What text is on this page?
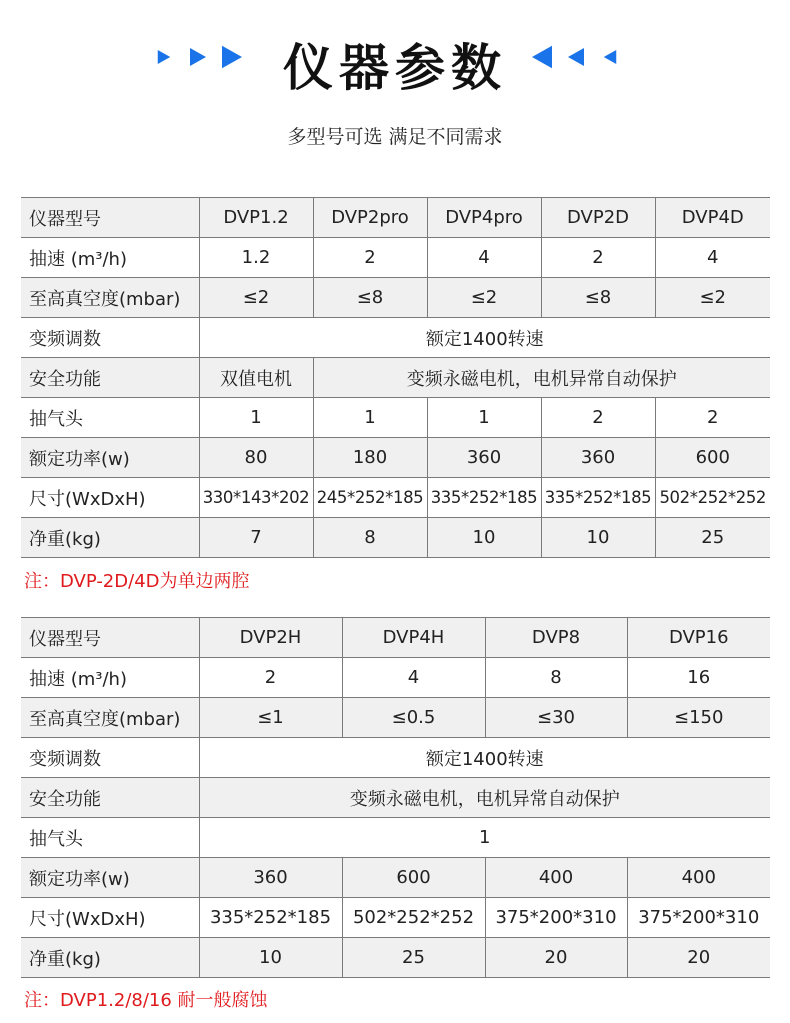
仪器参数
多型号可选 满足不同需求
仪器型号	DVP1.2	DVP2pro	DVP4pro	DVP2D	DVP4D
抽速 (m³/h)	1.2	2	4	2	4
至高真空度(mbar)	≤2	≤8	≤2	≤8	≤2
变频调数	额定1400转速				
安全功能	双值电机	变频永磁电机，电机异常自动保护			
抽气头	1	1	1	2	2
额定功率(w)	80	180	360	360	600
尺寸(WxDxH)	330*143*202	245*252*185	335*252*185	335*252*185	502*252*252
净重(kg)	7	8	10	10	25
注：DVP-2D/4D为单边两腔
仪器型号	DVP2H	DVP4H	DVP8	DVP16
抽速 (m³/h)	2	4	8	16
至高真空度(mbar)	≤1	≤0.5	≤30	≤150
变频调数	额定1400转速			
安全功能	变频永磁电机，电机异常自动保护			
抽气头	1			
额定功率(w)	360	600	400	400
尺寸(WxDxH)	335*252*185	502*252*252	375*200*310	375*200*310
净重(kg)	10	25	20	20
注：DVP1.2/8/16 耐一般腐蚀
